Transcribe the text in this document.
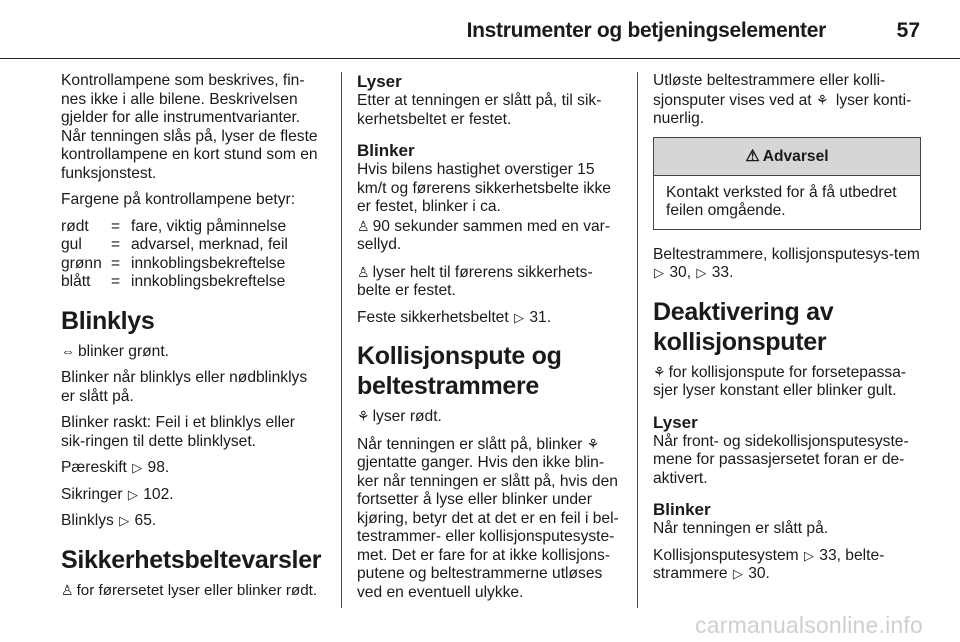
Instrumenter og betjeningselementer	57

Kontrollampene som beskrives, fin-nes ikke i alle bilene. Beskrivelsen gjelder for alle instrumentvarianter. Når tenningen slås på, lyser de fleste kontrollampene en kort stund som en funksjonstest.

Fargene på kontrollampene betyr:

rødt	=	fare, viktig påminnelse
gul	=	advarsel, merknad, feil
grønn	=	innkoblingsbekreftelse
blått	=	innkoblingsbekreftelse
Blinklys

⇔ blinker grønt.

Blinker når blinklys eller nødblinklys er slått på.

Blinker raskt: Feil i et blinklys eller sik-ringen til dette blinklyset.

Pæreskift ▷ 98.

Sikringer ▷ 102.

Blinklys ▷ 65.

Sikkerhetsbeltevarsler

♙ for førersetet lyser eller blinker rødt.

Lyser

Etter at tenningen er slått på, til sik-kerhetsbeltet er festet.

Blinker

Hvis bilens hastighet overstiger 15 km/t og førerens sikkerhetsbelte ikke er festet, blinker i ca.

♙ 90 sekunder sammen med en var-sellyd.

♙ lyser helt til førerens sikkerhets-belte er festet.

Feste sikkerhetsbeltet ▷ 31.

Kollisjonspute og beltestrammere

⚘ lyser rødt.

Når tenningen er slått på, blinker ⚘ gjentatte ganger. Hvis den ikke blin-ker når tenningen er slått på, hvis den fortsetter å lyse eller blinker under kjøring, betyr det at det er en feil i bel-testrammer- eller kollisjonsputesyste-met. Det er fare for at ikke kollisjons-putene og beltestrammerne utløses ved en eventuell ulykke.

Utløste beltestrammere eller kolli-sjonsputer vises ved at ⚘ lyser konti-nuerlig.

⚠ Advarsel
Kontakt verksted for å få utbedret feilen omgående.

Beltestrammere, kollisjonsputesys-tem ▷ 30, ▷ 33.

Deaktivering av kollisjonsputer

⚘ for kollisjonspute for forsetepassa-sjer lyser konstant eller blinker gult.

Lyser

Når front- og sidekollisjonsputesyste-mene for passasjersetet foran er de-aktivert.

Blinker

Når tenningen er slått på.

Kollisjonsputesystem ▷ 33, belte-strammere ▷ 30.

carmanualsonline.info
